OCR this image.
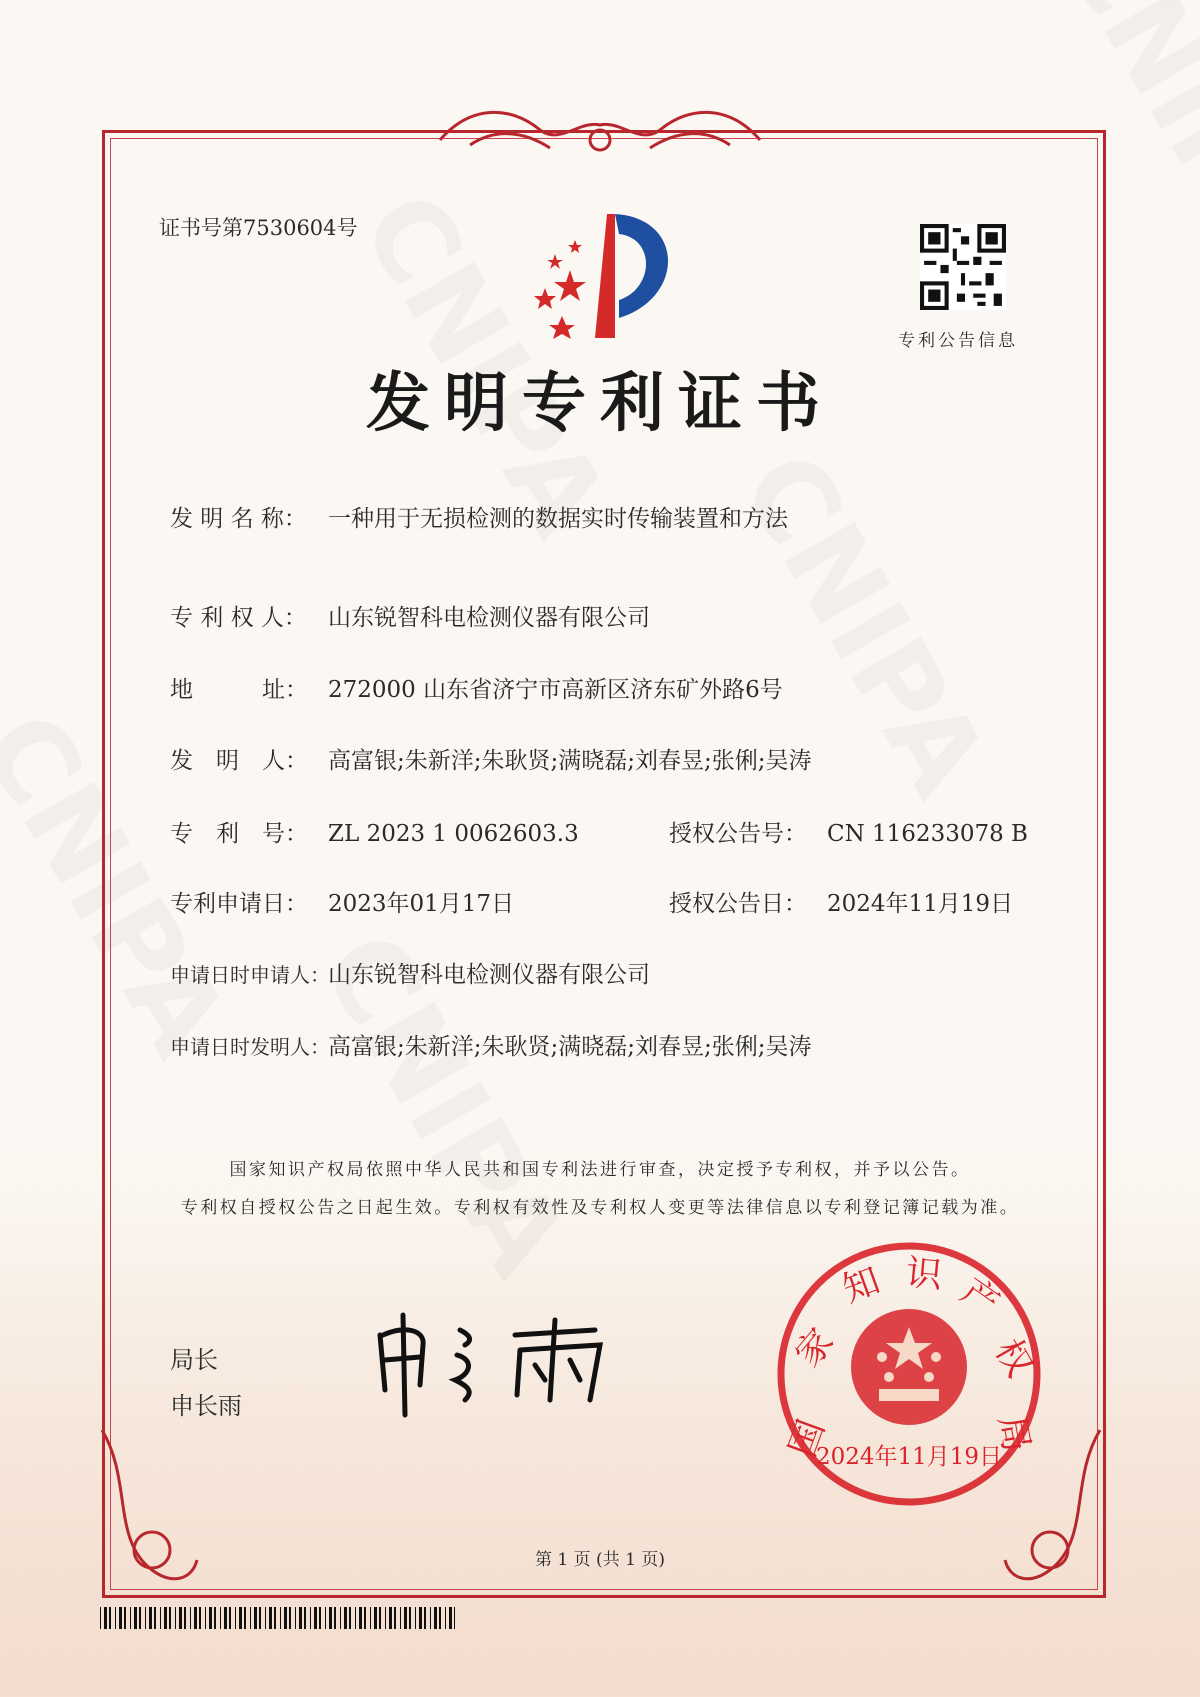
证书号第7530604号
专利公告信息
发明专利证书
发 明 名 称： 一种用于无损检测的数据实时传输装置和方法
专 利 权 人： 山东锐智科电检测仪器有限公司
地　　　址： 272000 山东省济宁市高新区济东矿外路6号
发　明　人： 高富银;朱新洋;朱耿贤;满晓磊;刘春昱;张俐;吴涛
专　利　号： ZL 2023 1 0062603.3
专利申请日： 2023年01月17日
申请日时申请人：山东锐智科电检测仪器有限公司
申请日时发明人：高富银;朱新洋;朱耿贤;满晓磊;刘春昱;张俐;吴涛
授权公告号： CN 116233078 B
授权公告日： 2024年11月19日
国家知识产权局依照中华人民共和国专利法进行审查，决定授予专利权，并予以公告。
专利权自授权公告之日起生效。专利权有效性及专利权人变更等法律信息以专利登记簿记载为准。
局长
申长雨
国
家
知 识 产
权
局
2024年11月19日
第 1 页 (共 1 页)
